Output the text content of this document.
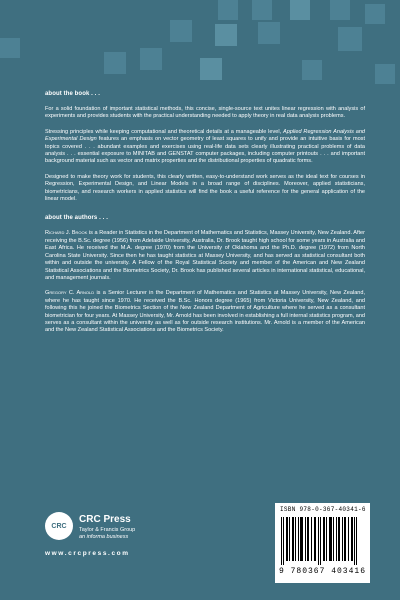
about the book . . .

For a solid foundation of important statistical methods, this concise, single-source text unites linear regression with analysis of experiments and provides students with the practical understanding needed to apply theory in real data analysis problems.

Stressing principles while keeping computational and theoretical details at a manageable level, Applied Regression Analysis and Experimental Design features an emphasis on vector geometry of least squares to unify and provide an intuitive basis for most topics covered . . . abundant examples and exercises using real-life data sets clearly illustrating practical problems of data analysis . . . essential exposure to MINITAB and GENSTAT computer packages, including computer printouts . . . and important background material such as vector and matrix properties and the distributional properties of quadratic forms.

Designed to make theory work for students, this clearly written, easy-to-understand work serves as the ideal text for courses in Regression, Experimental Design, and Linear Models in a broad range of disciplines. Moreover, applied statisticians, biometricians, and research workers in applied statistics will find the book a useful reference for the general application of the linear model.

about the authors . . .

Richard J. Brook is a Reader in Statistics in the Department of Mathematics and Statistics, Massey University, New Zealand. After receiving the B.Sc. degree (1956) from Adelaide University, Australia, Dr. Brook taught high school for some years in Australia and East Africa. He received the M.A. degree (1970) from the University of Oklahoma and the Ph.D. degree (1972) from North Carolina State University. Since then he has taught statistics at Massey University, and has served as statistical consultant both within and outside the university. A Fellow of the Royal Statistical Society and member of the American and New Zealand Statistical Associations and the Biometrics Society, Dr. Brook has published several articles in international statistical, educational, and management journals.

Gregory C. Arnold is a Senior Lecturer in the Department of Mathematics and Statistics at Massey University, New Zealand, where he has taught since 1970. He received the B.Sc. Honors degree (1965) from Victoria University, New Zealand, and following this he joined the Biometrics Section of the New Zealand Department of Agriculture where he served as a consultant biometrician for four years. At Massey University, Mr. Arnold has been involved in establishing a full internal statistics program, and serves as a consultant within the university as well as for outside research institutions. Mr. Arnold is a member of the American and the New Zealand Statistical Associations and the Biometrics Society.

CRC
CRC Press
Taylor & Francis Group
an informa business
www.crcpress.com
ISBN 978-0-367-40341-6
9 780367 403416
